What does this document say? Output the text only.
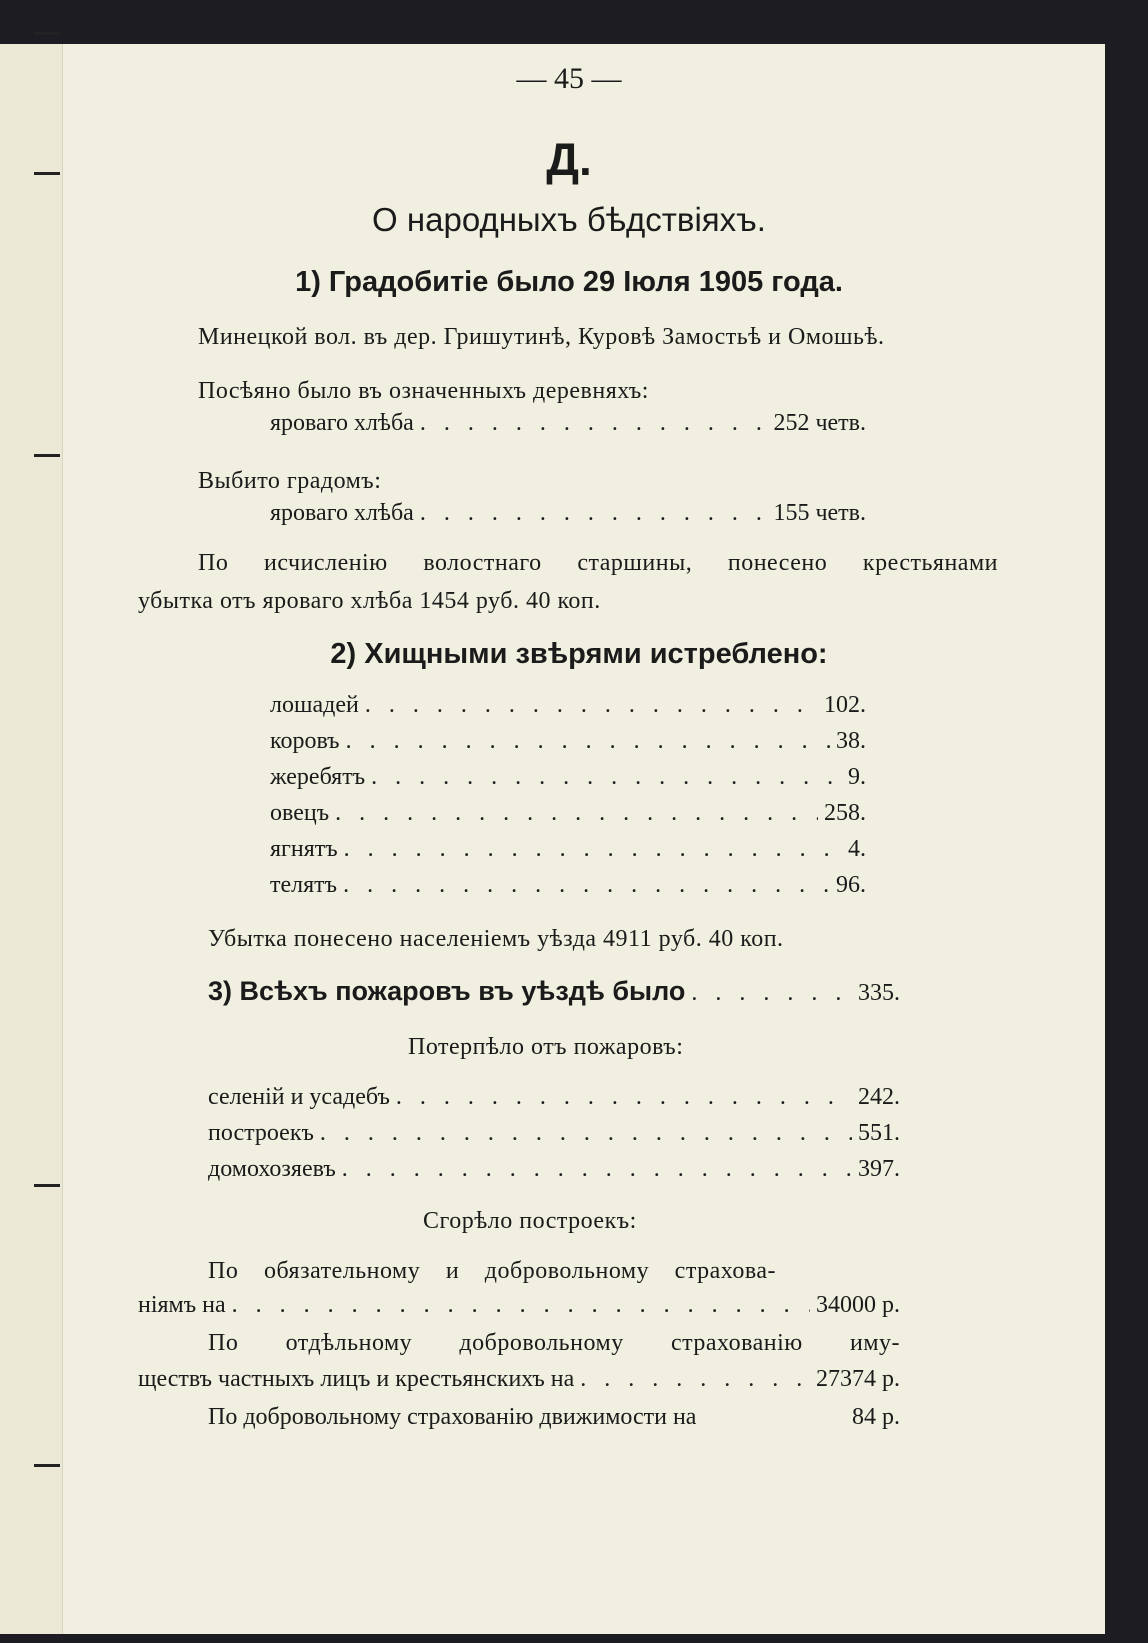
— 45 —
Д.
О народныхъ бѣдствіяхъ.
1) Градобитіе было 29 Іюля 1905 года.
Минецкой вол. въ дер. Гришутинѣ, Куровѣ Замостьѣ и Омошьѣ.
Посѣяно было въ означенныхъ деревняхъ:
яроваго хлѣба . . .	252 четв.
Выбито градомъ:
яроваго хлѣба . . .	155 четв.
По исчисленію волостнаго старшины, понесено крестьянами
убытка отъ яроваго хлѣба 1454 руб. 40 коп.
2) Хищными звѣрями истреблено:
лошадей . . .	102.
коровъ . . .	38.
жеребятъ . . .	9.
овецъ . . .	258.
ягнятъ . . .	4.
телятъ . . .	96.
Убытка понесено населеніемъ уѣзда 4911 руб. 40 коп.
3) Всѣхъ пожаровъ въ уѣздѣ было . . .	335.
Потерпѣло отъ пожаровъ:
селеній и усадебъ . . .	242.
построекъ . . .	551.
домохозяевъ . . .	397.
Сгорѣло построекъ:
По обязательному и добровольному страхова-
ніямъ на . . .	34000 р.
По отдѣльному добровольному страхованію иму-
ществъ частныхъ лицъ и крестьянскихъ на . . .	27374 р.
По добровольному страхованію движимости на	84 р.
